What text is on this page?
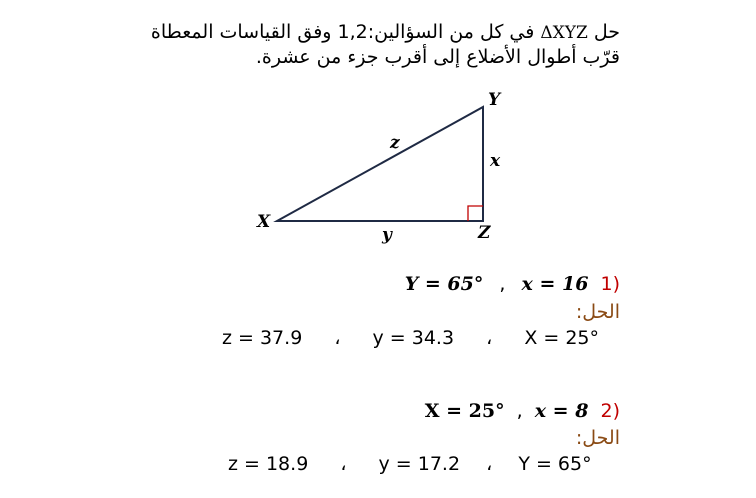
حل ΔXYZ في كل من السؤالين:1,2 وفق القياسات المعطاة
قرّب أطوال الأضلاع إلى أقرب جزء من عشرة.
X
Y
Z
z
x
y
Y = 65° , x = 16 1)
الحل:
z = 37.9 ، y = 34.3 ، X = 25°
X = 25° , x = 8 2)
الحل:
z = 18.9 ، y = 17.2 ، Y = 65°
